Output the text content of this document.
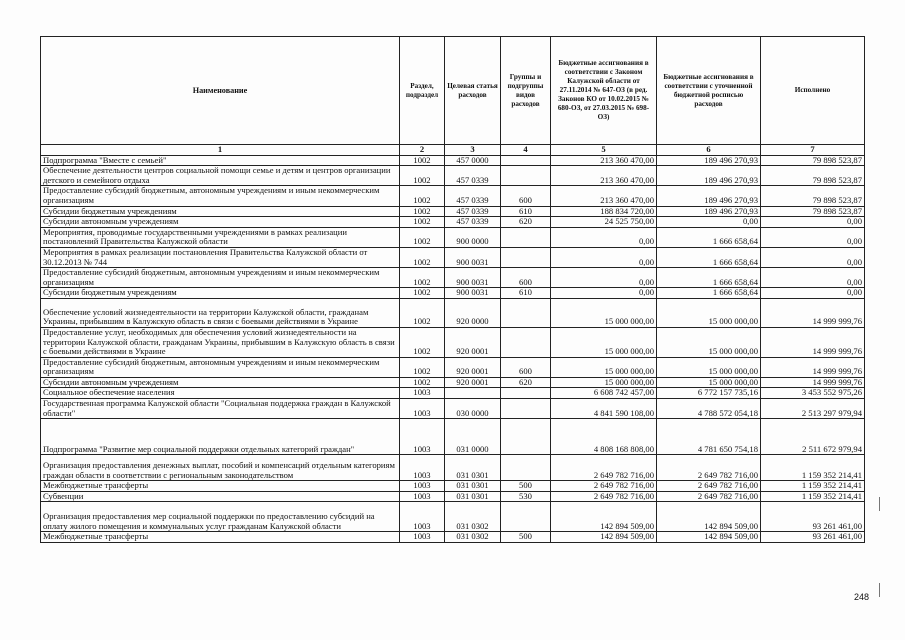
Наименование	Раздел, подраздел	Целевая статья расходов	Группы и подгруппы видов расходов	Бюджетные ассигнования в соответствии с Законом Калужской области от 27.11.2014 № 647-ОЗ (в ред. Законов КО от 10.02.2015 № 680-ОЗ, от 27.03.2015 № 698-ОЗ)	Бюджетные ассигнования в соответствии с уточненной бюджетной росписью расходов	Исполнено
1	2	3	4	5	6	7
Подпрограмма "Вместе с семьей"	1002	457 0000		213 360 470,00	189 496 270,93	79 898 523,87
Обеспечение деятельности центров социальной помощи семье и детям и центров организации детского и семейного отдыха	1002	457 0339		213 360 470,00	189 496 270,93	79 898 523,87
Предоставление субсидий бюджетным, автономным учреждениям и иным некоммерческим организациям	1002	457 0339	600	213 360 470,00	189 496 270,93	79 898 523,87
Субсидии бюджетным учреждениям	1002	457 0339	610	188 834 720,00	189 496 270,93	79 898 523,87
Субсидии автономным учреждениям	1002	457 0339	620	24 525 750,00	0,00	0,00
Мероприятия, проводимые государственными учреждениями в рамках реализации постановлений Правительства Калужской области	1002	900 0000		0,00	1 666 658,64	0,00
Мероприятия в рамках реализации постановления Правительства Калужской области от 30.12.2013 № 744	1002	900 0031		0,00	1 666 658,64	0,00
Предоставление субсидий бюджетным, автономным учреждениям и иным некоммерческим организациям	1002	900 0031	600	0,00	1 666 658,64	0,00
Субсидии бюджетным учреждениям	1002	900 0031	610	0,00	1 666 658,64	0,00
Обеспечение условий жизнедеятельности на территории Калужской области, гражданам Украины, прибывшим в Калужскую область в связи с боевыми действиями в Украине	1002	920 0000		15 000 000,00	15 000 000,00	14 999 999,76
Предоставление услуг, необходимых для обеспечения условий жизнедеятельности на территории Калужской области, гражданам Украины, прибывшим в Калужскую область в связи с боевыми действиями в Украине	1002	920 0001		15 000 000,00	15 000 000,00	14 999 999,76
Предоставление субсидий бюджетным, автономным учреждениям и иным некоммерческим организациям	1002	920 0001	600	15 000 000,00	15 000 000,00	14 999 999,76
Субсидии автономным учреждениям	1002	920 0001	620	15 000 000,00	15 000 000,00	14 999 999,76
Социальное обеспечение населения	1003			6 608 742 457,00	6 772 157 735,16	3 453 552 975,26
Государственная программа Калужской области "Социальная поддержка граждан в Калужской области"	1003	030 0000		4 841 590 108,00	4 788 572 054,18	2 513 297 979,94
Подпрограмма "Развитие мер социальной поддержки отдельных категорий граждан"	1003	031 0000		4 808 168 808,00	4 781 650 754,18	2 511 672 979,94
Организация предоставления денежных выплат, пособий и компенсаций отдельным категориям граждан области в соответствии с региональным законодательством	1003	031 0301		2 649 782 716,00	2 649 782 716,00	1 159 352 214,41
Межбюджетные трансферты	1003	031 0301	500	2 649 782 716,00	2 649 782 716,00	1 159 352 214,41
Субвенции	1003	031 0301	530	2 649 782 716,00	2 649 782 716,00	1 159 352 214,41
Организация предоставления мер социальной поддержки по предоставлению субсидий на оплату жилого помещения и коммунальных услуг гражданам Калужской области	1003	031 0302		142 894 509,00	142 894 509,00	93 261 461,00
Межбюджетные трансферты	1003	031 0302	500	142 894 509,00	142 894 509,00	93 261 461,00
248
